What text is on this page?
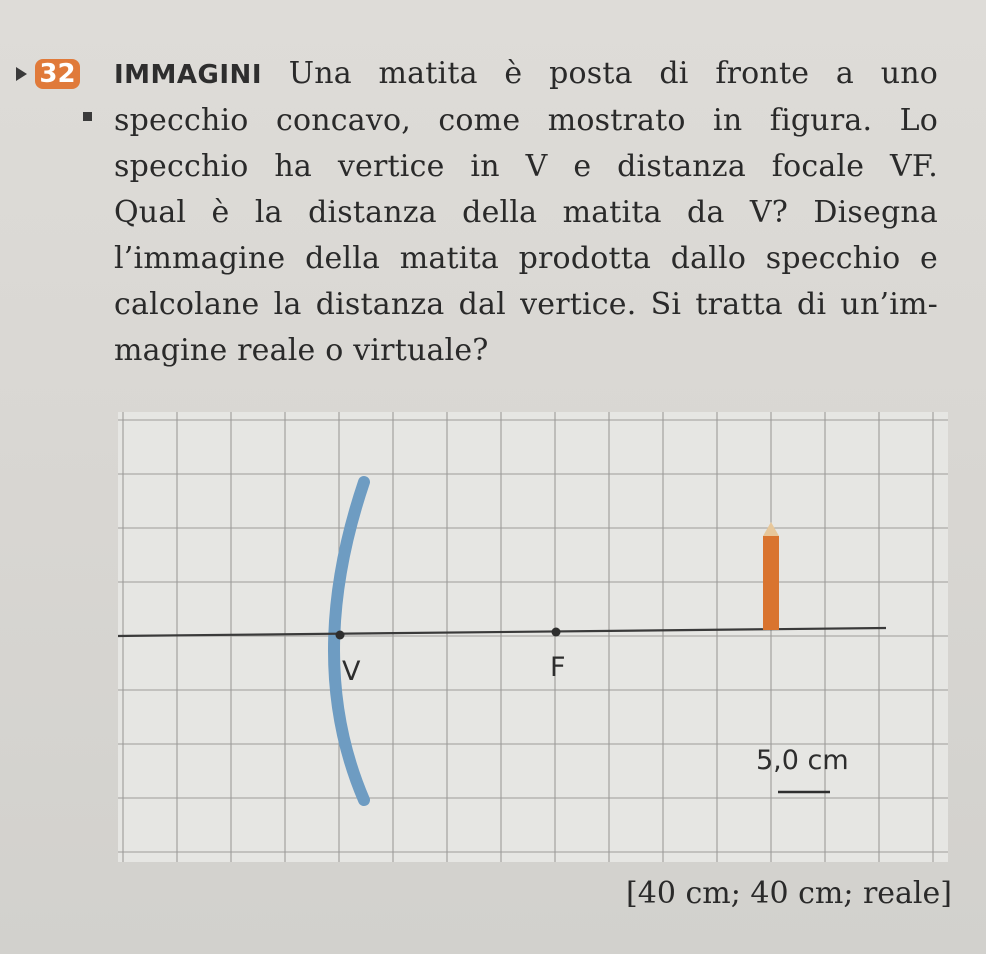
32 IMMAGINI Una matita è posta di fronte a uno
specchio concavo, come mostrato in figura. Lo
specchio ha vertice in V e distanza focale VF.
Qual è la distanza della matita da V? Disegna
l’immagine della matita prodotta dallo specchio e
calcolane la distanza dal vertice. Si tratta di un’im-
magine reale o virtuale?

V	F
5,0 cm

[40 cm; 40 cm; reale]
